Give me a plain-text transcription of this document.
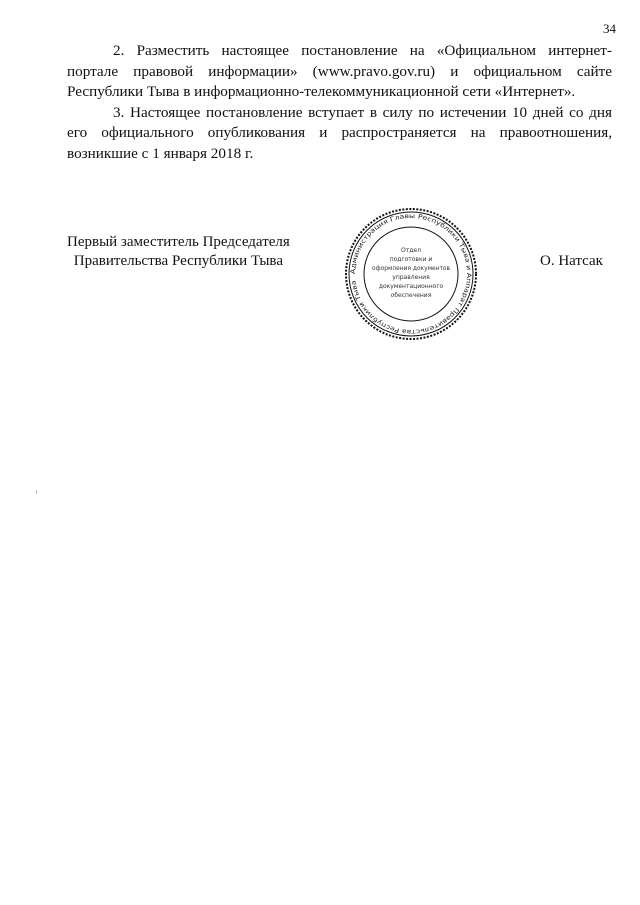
34

2. Разместить настоящее постановление на «Официальном интернет-портале правовой информации» (www.pravo.gov.ru) и официальном сайте Республики Тыва в информационно-телекоммуникационной сети «Интернет».

3. Настоящее постановление вступает в силу по истечении 10 дней со дня его официального опубликования и распространяется на правоотношения, возникшие с 1 января 2018 г.

Первый заместитель Председателя
Правительства Республики Тыва
Администрация Главы Республики Тыва и Аппарат Правительства Республики Тыва
Отдел
подготовки и
оформления документов
управления
документационного
обеспечения
О. Натсак
